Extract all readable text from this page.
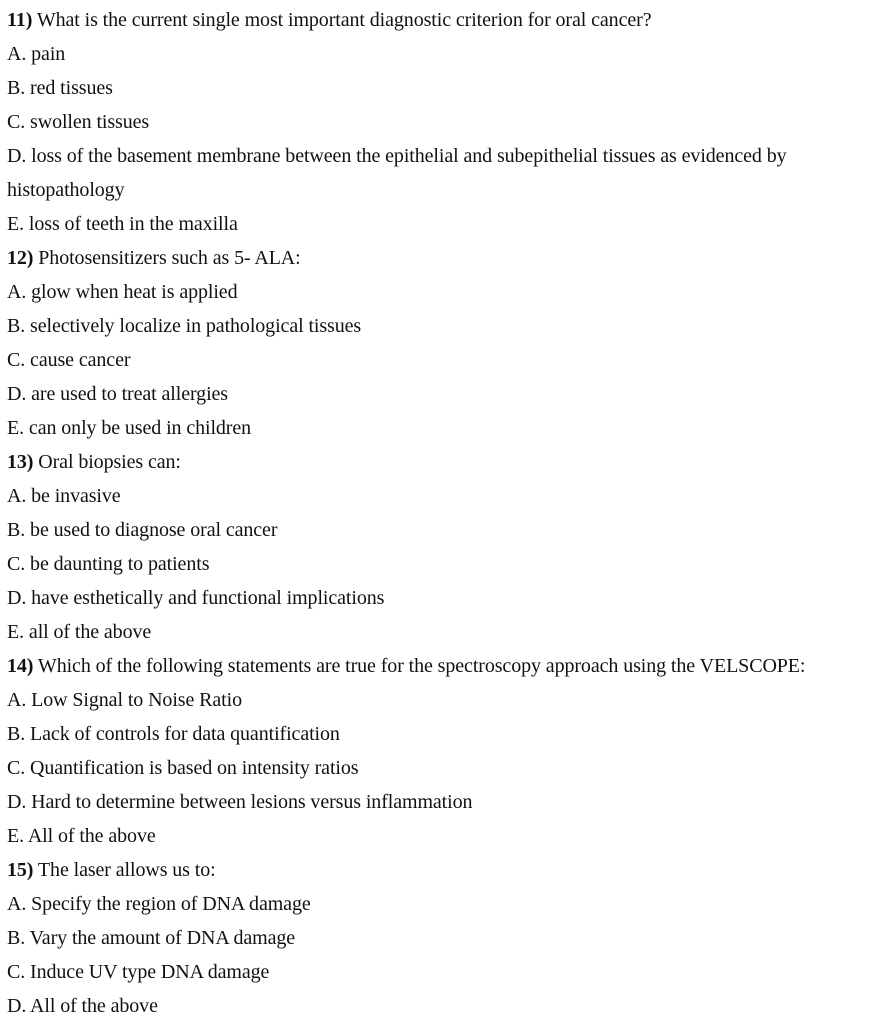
11) What is the current single most important diagnostic criterion for oral cancer?
A. pain
B. red tissues
C. swollen tissues
D. loss of the basement membrane between the epithelial and subepithelial tissues as evidenced by
histopathology
E. loss of teeth in the maxilla
12) Photosensitizers such as 5- ALA:
A. glow when heat is applied
B. selectively localize in pathological tissues
C. cause cancer
D. are used to treat allergies
E. can only be used in children
13) Oral biopsies can:
A. be invasive
B. be used to diagnose oral cancer
C. be daunting to patients
D. have esthetically and functional implications
E. all of the above
14) Which of the following statements are true for the spectroscopy approach using the VELSCOPE:
A. Low Signal to Noise Ratio
B. Lack of controls for data quantification
C. Quantification is based on intensity ratios
D. Hard to determine between lesions versus inflammation
E. All of the above
15) The laser allows us to:
A. Specify the region of DNA damage
B. Vary the amount of DNA damage
C. Induce UV type DNA damage
D. All of the above
